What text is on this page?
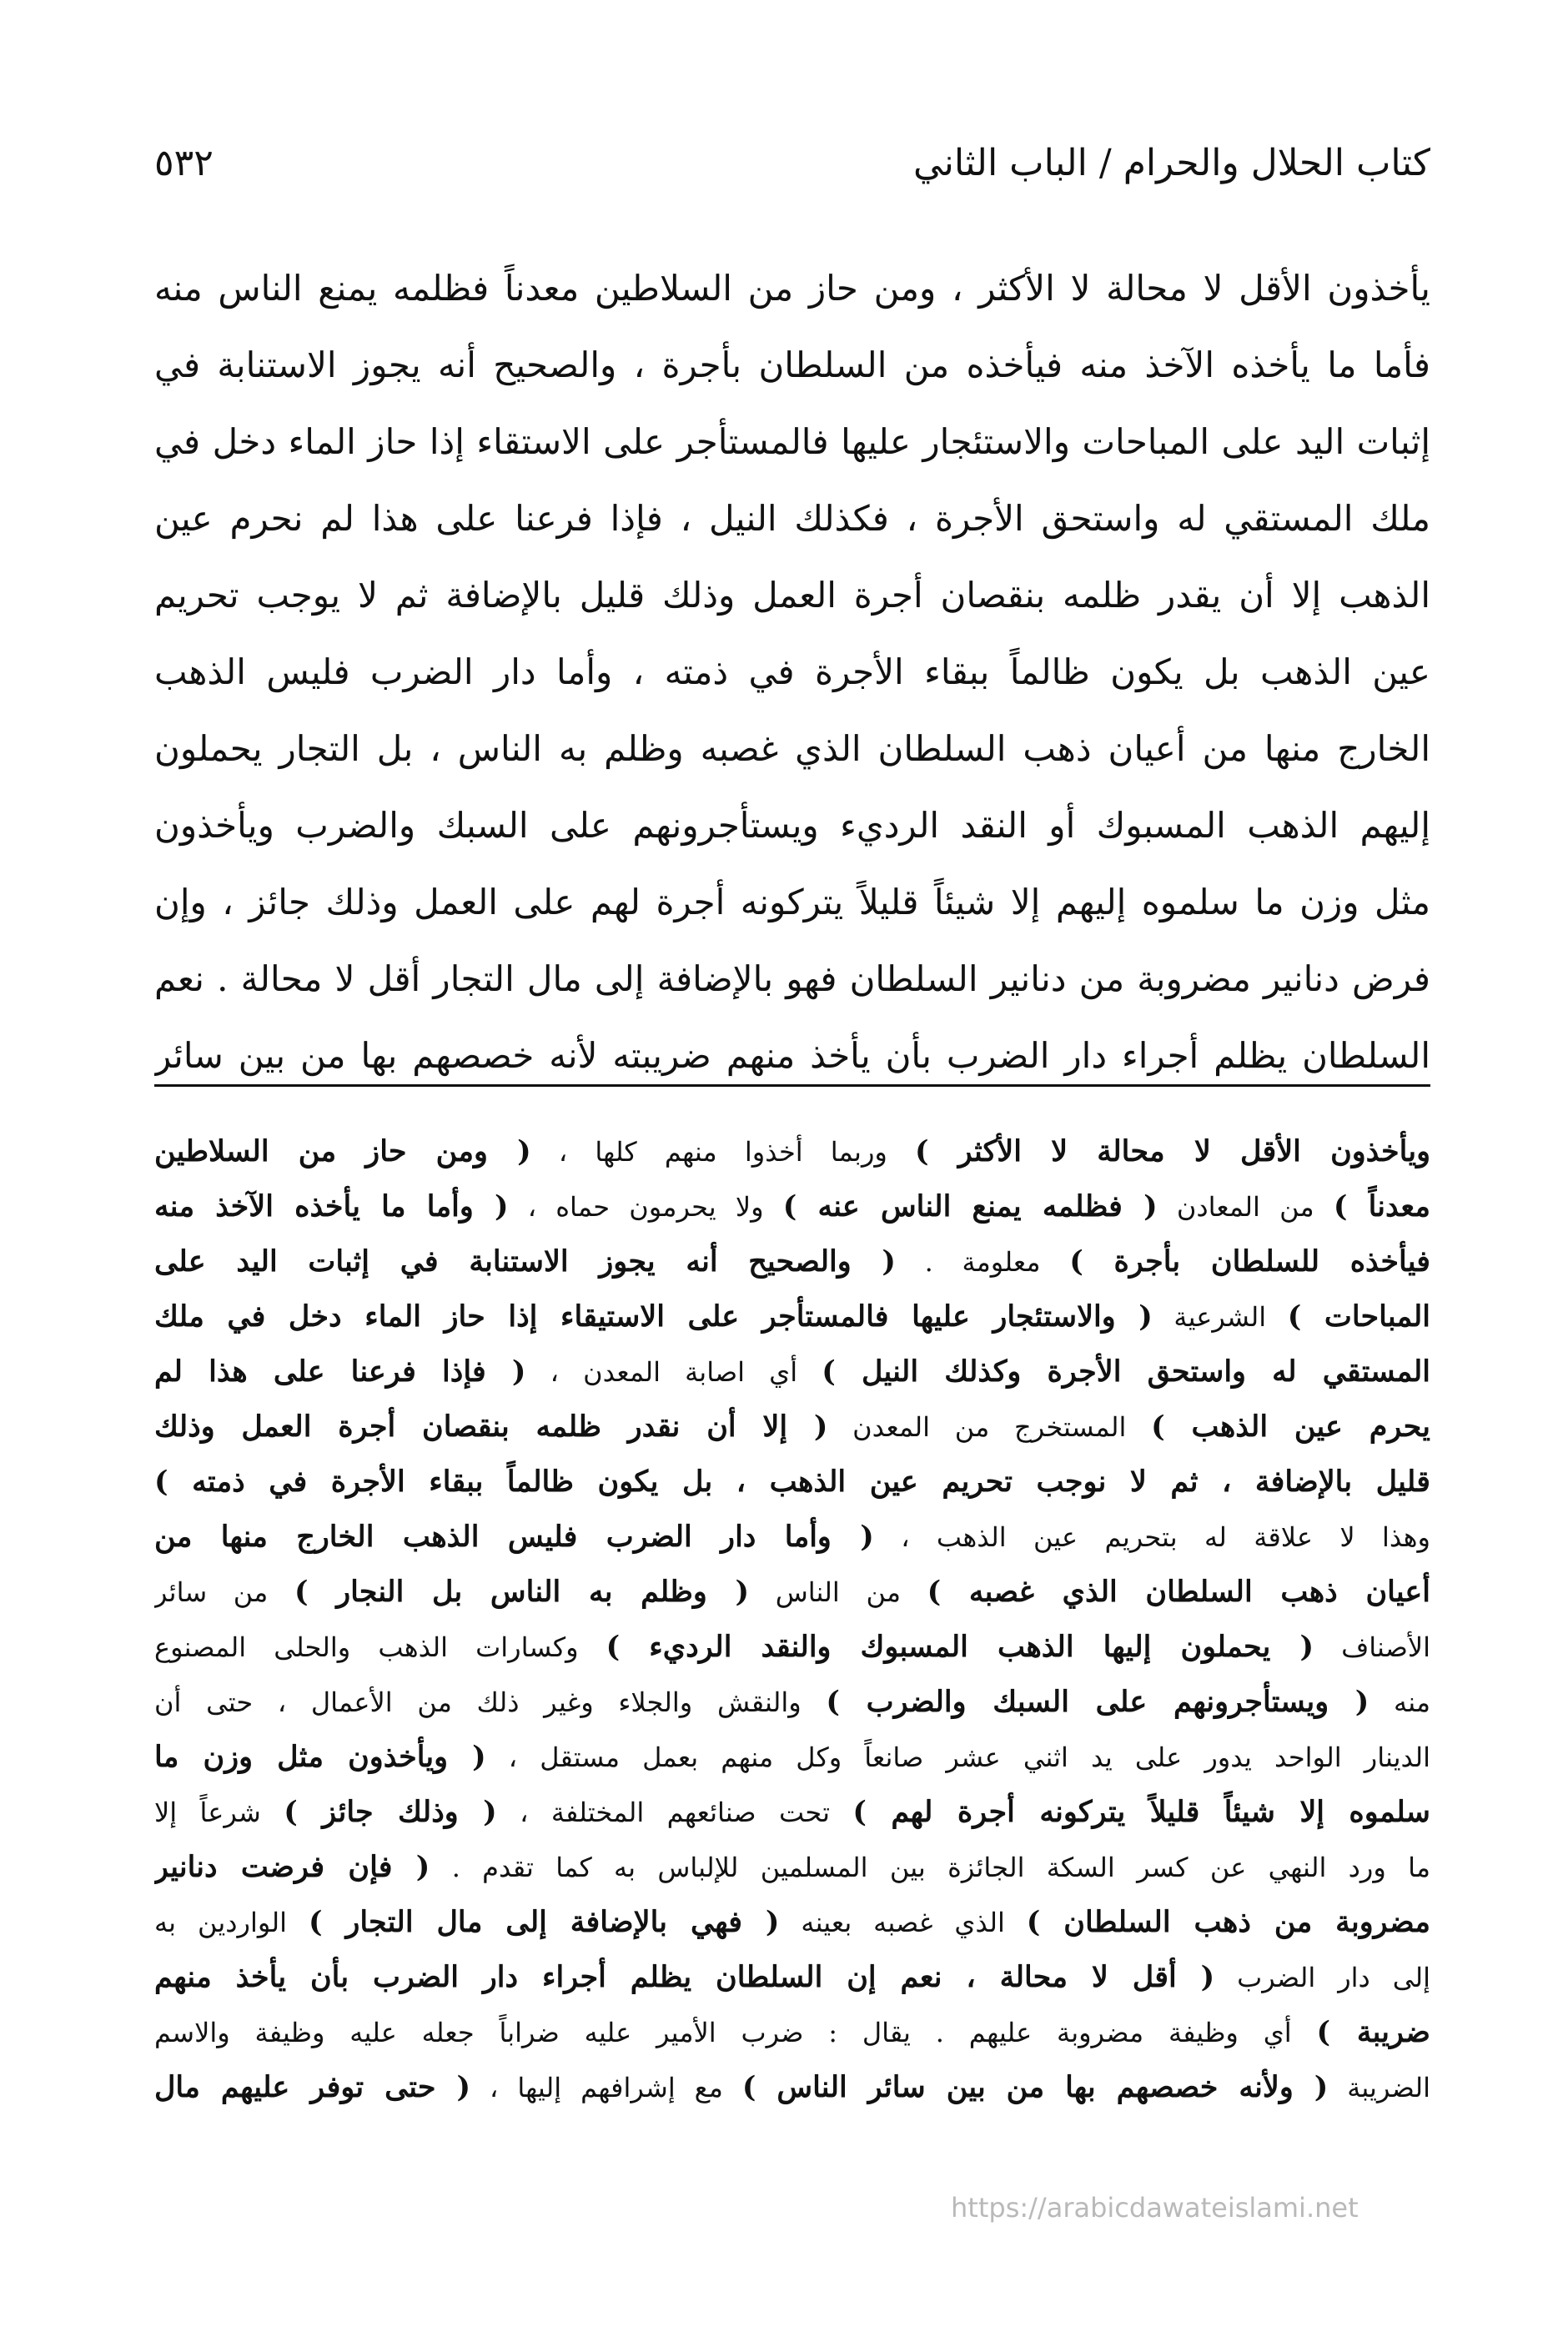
كتاب الحلال والحرام / الباب الثاني
٥٣٢
يأخذون الأقل لا محالة لا الأكثر ، ومن حاز من السلاطين معدناً فظلمه يمنع الناس منه
فأما ما يأخذه الآخذ منه فيأخذه من السلطان بأجرة ، والصحيح أنه يجوز الاستنابة في
إثبات اليد على المباحات والاستئجار عليها فالمستأجر على الاستقاء إذا حاز الماء دخل في
ملك المستقي له واستحق الأجرة ، فكذلك النيل ، فإذا فرعنا على هذا لم نحرم عين
الذهب إلا أن يقدر ظلمه بنقصان أجرة العمل وذلك قليل بالإضافة ثم لا يوجب تحريم
عين الذهب بل يكون ظالماً ببقاء الأجرة في ذمته ، وأما دار الضرب فليس الذهب
الخارج منها من أعيان ذهب السلطان الذي غصبه وظلم به الناس ، بل التجار يحملون
إليهم الذهب المسبوك أو النقد الرديء ويستأجرونهم على السبك والضرب ويأخذون
مثل وزن ما سلموه إليهم إلا شيئاً قليلاً يتركونه أجرة لهم على العمل وذلك جائز ، وإن
فرض دنانير مضروبة من دنانير السلطان فهو بالإضافة إلى مال التجار أقل لا محالة . نعم
السلطان يظلم أجراء دار الضرب بأن يأخذ منهم ضريبته لأنه خصصهم بها من بين سائر
ويأخذون الأقل لا محالة لا الأكثر ) وربما أخذوا منهم كلها ، ( ومن حاز من السلاطين
معدناً ) من المعادن ( فظلمه يمنع الناس عنه ) ولا يحرمون حماه ، ( وأما ما يأخذه الآخذ منه
فيأخذه للسلطان بأجرة ) معلومة . ( والصحيح أنه يجوز الاستنابة في إثبات اليد على
المباحات ) الشرعية ( والاستئجار عليها فالمستأجر على الاستيقاء إذا حاز الماء دخل في ملك
المستقي له واستحق الأجرة وكذلك النيل ) أي اصابة المعدن ، ( فإذا فرعنا على هذا لم
يحرم عين الذهب ) المستخرج من المعدن ( إلا أن نقدر ظلمه بنقصان أجرة العمل وذلك
قليل بالإضافة ، ثم لا نوجب تحريم عين الذهب ، بل يكون ظالماً ببقاء الأجرة في ذمته )
وهذا لا علاقة له بتحريم عين الذهب ، ( وأما دار الضرب فليس الذهب الخارج منها من
أعيان ذهب السلطان الذي غصبه ) من الناس ( وظلم به الناس بل النجار ) من سائر
الأصناف ( يحملون إليها الذهب المسبوك والنقد الرديء ) وكسارات الذهب والحلى المصنوع
منه ( ويستأجرونهم على السبك والضرب ) والنقش والجلاء وغير ذلك من الأعمال ، حتى أن
الدينار الواحد يدور على يد اثني عشر صانعاً وكل منهم بعمل مستقل ، ( ويأخذون مثل وزن ما
سلموه إلا شيئاً قليلاً يتركونه أجرة لهم ) تحت صنائعهم المختلفة ، ( وذلك جائز ) شرعاً إلا
ما ورد النهي عن كسر السكة الجائزة بين المسلمين للإلباس به كما تقدم . ( فإن فرضت دنانير
مضروبة من ذهب السلطان ) الذي غصبه بعينه ( فهي بالإضافة إلى مال التجار ) الواردين به
إلى دار الضرب ( أقل لا محالة ، نعم إن السلطان يظلم أجراء دار الضرب بأن يأخذ منهم
ضريبة ) أي وظيفة مضروبة عليهم . يقال : ضرب الأمير عليه ضراباً جعله عليه وظيفة والاسم
الضريبة ( ولأنه خصصهم بها من بين سائر الناس ) مع إشرافهم إليها ، ( حتى توفر عليهم مال
https://arabicdawateislami.net
